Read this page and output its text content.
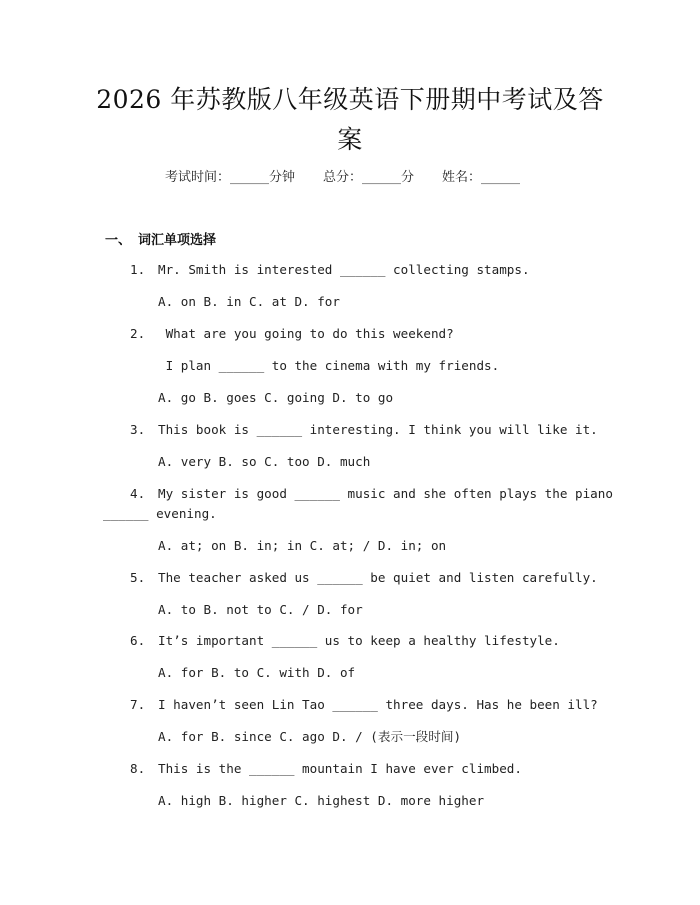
2026 年苏教版八年级英语下册期中考试及答
案
考试时间：______分钟 总分：______分 姓名：______
一、 词汇单项选择
1. Mr. Smith is interested ______ collecting stamps.
A. on B. in C. at D. for
2. What are you going to do this weekend?
I plan ______ to the cinema with my friends.
A. go B. goes C. going D. to go
3. This book is ______ interesting. I think you will like it.
A. very B. so C. too D. much
4. My sister is good ______ music and she often plays the piano
______ evening.
A. at; on B. in; in C. at; / D. in; on
5. The teacher asked us ______ be quiet and listen carefully.
A. to B. not to C. / D. for
6. It’s important ______ us to keep a healthy lifestyle.
A. for B. to C. with D. of
7. I haven’t seen Lin Tao ______ three days. Has he been ill?
A. for B. since C. ago D. / (表示一段时间)
8. This is the ______ mountain I have ever climbed.
A. high B. higher C. highest D. more higher
